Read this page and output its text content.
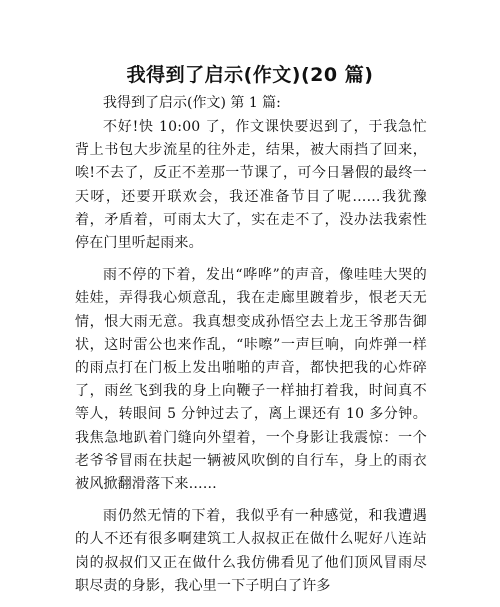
我得到了启示(作文)(20 篇)
我得到了启示(作文) 第 1 篇:

不好!快 10:00 了，作文课快要迟到了，于我急忙背上书包大步流星的往外走，结果，被大雨挡了回来，唉!不去了，反正不差那一节课了，可今日暑假的最终一天呀，还要开联欢会，我还准备节目了呢……我犹豫着，矛盾着，可雨太大了，实在走不了，没办法我索性停在门里听起雨来。

雨不停的下着，发出“哗哗”的声音，像哇哇大哭的娃娃，弄得我心烦意乱，我在走廊里踱着步，恨老天无情，恨大雨无意。我真想变成孙悟空去上龙王爷那告御状，这时雷公也来作乱，“咔嚓”一声巨响，向炸弹一样的雨点打在门板上发出啪啪的声音，都快把我的心炸碎了，雨丝飞到我的身上向鞭子一样抽打着我，时间真不等人，转眼间 5 分钟过去了，离上课还有 10 多分钟。我焦急地趴着门缝向外望着，一个身影让我震惊：一个老爷爷冒雨在扶起一辆被风吹倒的自行车，身上的雨衣被风掀翻滑落下来……

雨仍然无情的下着，我似乎有一种感觉，和我遭遇的人不还有很多啊建筑工人叔叔正在做什么呢好八连站岗的叔叔们又正在做什么我仿佛看见了他们顶风冒雨尽职尽责的身影，我心里一下子明白了许多
